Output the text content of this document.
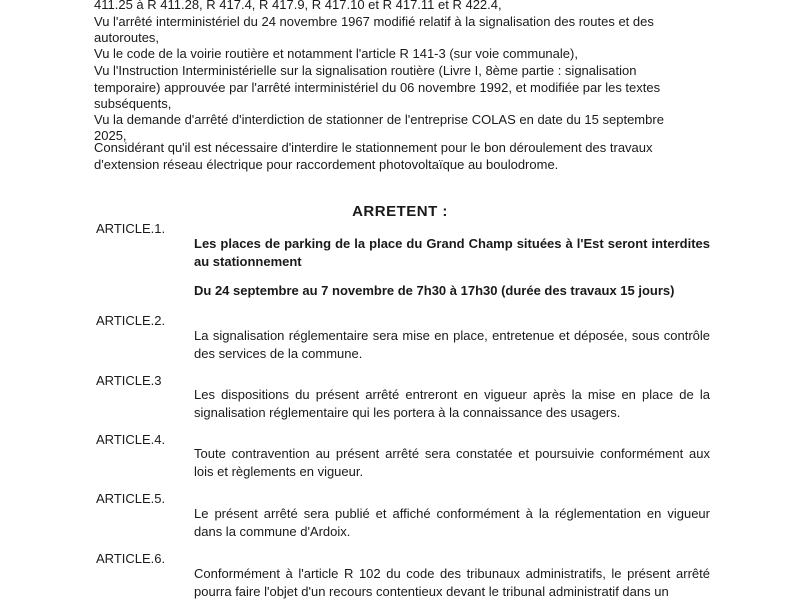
411.25 à R 411.28, R 417.4, R 417.9, R 417.10 et R 417.11 et R 422.4,
Vu l'arrêté interministériel du 24 novembre 1967 modifié relatif à la signalisation des routes et des
autoroutes,
Vu le code de la voirie routière et notamment l'article R 141-3 (sur voie communale),
Vu l'Instruction Interministérielle sur la signalisation routière (Livre I, 8ème partie : signalisation
temporaire) approuvée par l'arrêté interministériel du 06 novembre 1992, et modifiée par les textes
subséquents,
Vu la demande d'arrêté d'interdiction de stationner de l'entreprise COLAS en date du 15 septembre
2025,
Considérant qu'il est nécessaire d'interdire le stationnement pour le bon déroulement des travaux
d'extension réseau électrique pour raccordement photovoltaïque au boulodrome.
ARRETENT :
ARTICLE.1.
Les places de parking de la place du Grand Champ situées à l'Est seront interdites au stationnement
Du 24 septembre au 7 novembre de 7h30 à 17h30 (durée des travaux 15 jours)
ARTICLE.2.
La signalisation réglementaire sera mise en place, entretenue et déposée, sous contrôle des services de la commune.
ARTICLE.3
Les dispositions du présent arrêté entreront en vigueur après la mise en place de la signalisation réglementaire qui les portera à la connaissance des usagers.
ARTICLE.4.
Toute contravention au présent arrêté sera constatée et poursuivie conformément aux lois et règlements en vigueur.
ARTICLE.5.
Le présent arrêté sera publié et affiché conformément à la réglementation en vigueur dans la commune d'Ardoix.
ARTICLE.6.
Conformément à l'article R 102 du code des tribunaux administratifs, le présent arrêté pourra faire l'objet d'un recours contentieux devant le tribunal administratif dans un
